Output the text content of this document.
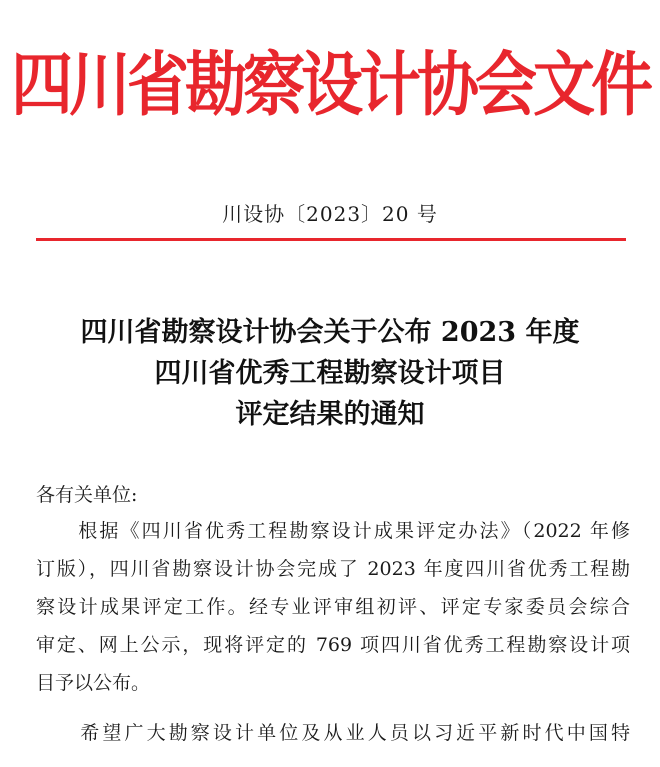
四川省勘察设计协会文件
川设协〔2023〕20 号
四川省勘察设计协会关于公布 2023 年度
四川省优秀工程勘察设计项目
评定结果的通知
各有关单位:
　　根据《四川省优秀工程勘察设计成果评定办法》（2022 年修
订版），四川省勘察设计协会完成了 2023 年度四川省优秀工程勘
察设计成果评定工作。经专业评审组初评、评定专家委员会综合
审定、网上公示，现将评定的 769 项四川省优秀工程勘察设计项
目予以公布。
　　希望广大勘察设计单位及从业人员以习近平新时代中国特
